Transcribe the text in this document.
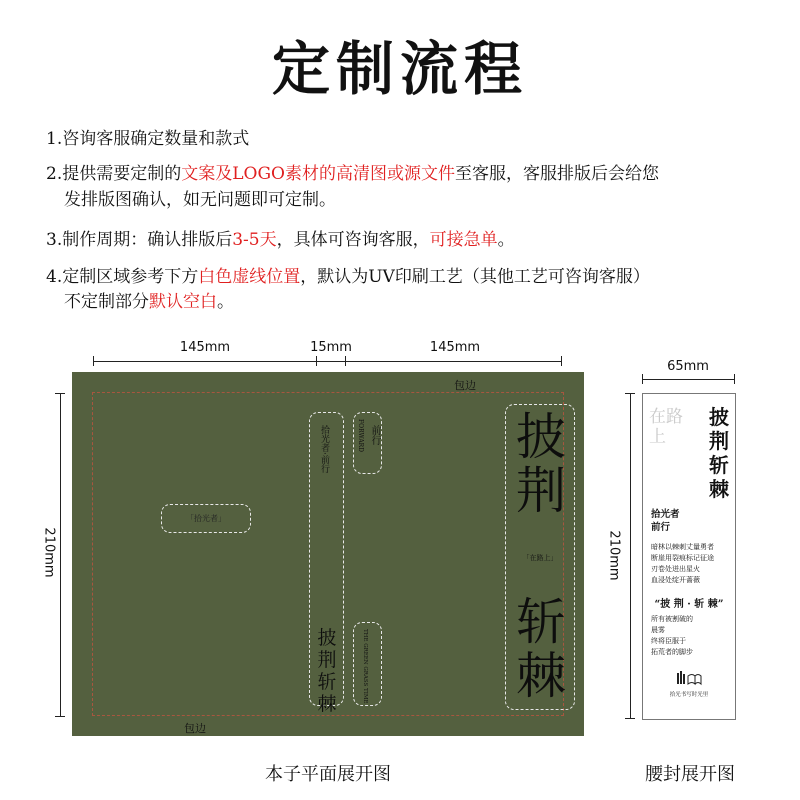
定制流程
1.咨询客服确定数量和款式
2.提供需要定制的文案及LOGO素材的高清图或源文件至客服，客服排版后会给您
发排版图确认，如无问题即可定制。
3.制作周期：确认排版后3-5天，具体可咨询客服，可接急单。
4.定制区域参考下方白色虚线位置，默认为UV印刷工艺（其他工艺可咨询客服）
不定制部分默认空白。
145mm	15mm	145mm
210mm
包边
包边
「拾光者」
拾光者·前行
披荆斩棘
FORWARD 前行
THE GREEN GRASS TIME
披荆
「在路上」
斩棘
65mm
210mm
在路上
披荆斩棘
拾光者
前行
暗林以棘刺丈量勇者
断崖用裂痕标记征途
刃卷处迸出星火
血浸处绽开蔷薇
“披 荆 · 斩 棘”
所有被割破的
晨雾
终将臣服于
拓荒者的脚步
拾光书写时光里
本子平面展开图	腰封展开图
